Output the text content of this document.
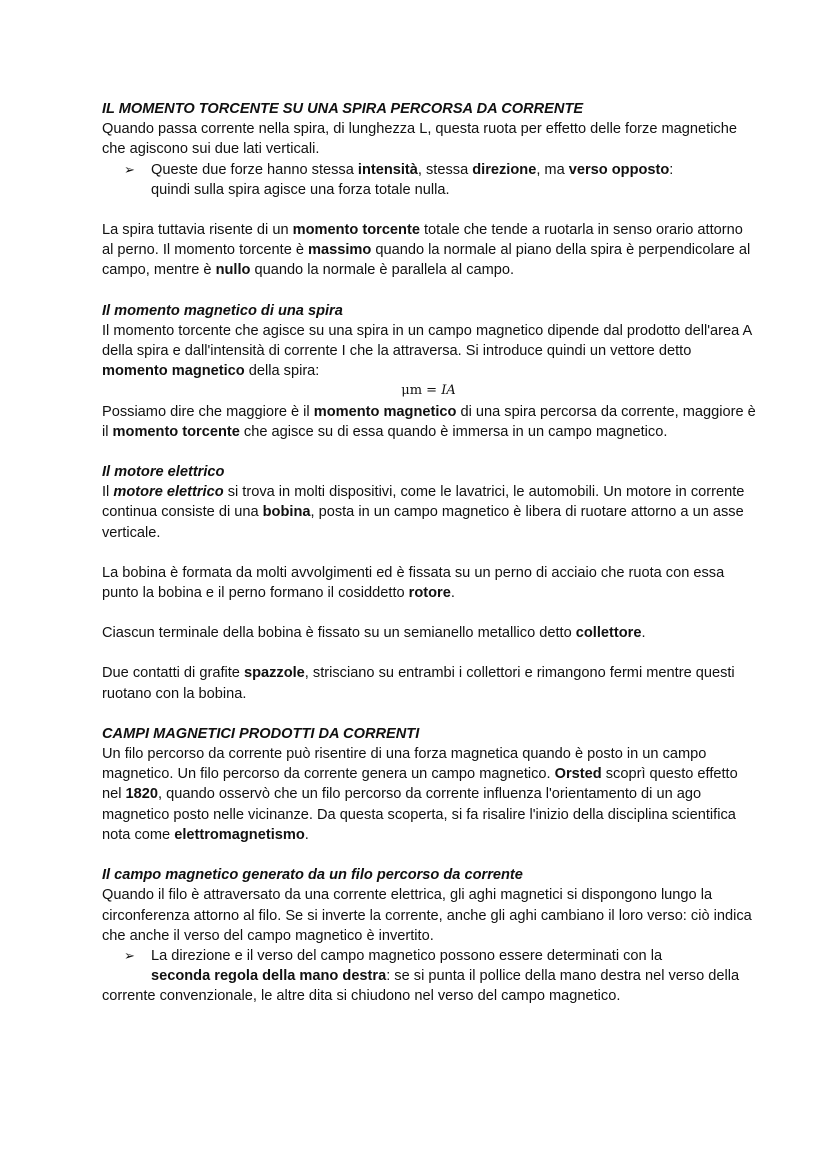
IL MOMENTO TORCENTE SU UNA SPIRA PERCORSA DA CORRENTE

Quando passa corrente nella spira, di lunghezza L, questa ruota per effetto delle forze magnetiche che agiscono sui due lati verticali.

➢ Queste due forze hanno stessa intensità, stessa direzione, ma verso opposto:
quindi sulla spira agisce una forza totale nulla.

La spira tuttavia risente di un momento torcente totale che tende a ruotarla in senso orario attorno al perno. Il momento torcente è massimo quando la normale al piano della spira è perpendicolare al campo, mentre è nullo quando la normale è parallela al campo.

Il momento magnetico di una spira

Il momento torcente che agisce su una spira in un campo magnetico dipende dal prodotto dell'area A della spira e dall'intensità di corrente I che la attraversa. Si introduce quindi un vettore detto momento magnetico della spira:

μm = IA

Possiamo dire che maggiore è il momento magnetico di una spira percorsa da corrente, maggiore è il momento torcente che agisce su di essa quando è immersa in un campo magnetico.

Il motore elettrico

Il motore elettrico si trova in molti dispositivi, come le lavatrici, le automobili. Un motore in corrente continua consiste di una bobina, posta in un campo magnetico è libera di ruotare attorno a un asse verticale.

La bobina è formata da molti avvolgimenti ed è fissata su un perno di acciaio che ruota con essa punto la bobina e il perno formano il cosiddetto rotore.

Ciascun terminale della bobina è fissato su un semianello metallico detto collettore.

Due contatti di grafite spazzole, strisciano su entrambi i collettori e rimangono fermi mentre questi ruotano con la bobina.

CAMPI MAGNETICI PRODOTTI DA CORRENTI

Un filo percorso da corrente può risentire di una forza magnetica quando è posto in un campo magnetico. Un filo percorso da corrente genera un campo magnetico. Orsted scoprì questo effetto nel 1820, quando osservò che un filo percorso da corrente influenza l'orientamento di un ago magnetico posto nelle vicinanze. Da questa scoperta, si fa risalire l'inizio della disciplina scientifica nota come elettromagnetismo.

Il campo magnetico generato da un filo percorso da corrente

Quando il filo è attraversato da una corrente elettrica, gli aghi magnetici si dispongono lungo la circonferenza attorno al filo. Se si inverte la corrente, anche gli aghi cambiano il loro verso: ciò indica che anche il verso del campo magnetico è invertito.

➢ La direzione e il verso del campo magnetico possono essere determinati con la
seconda regola della mano destra: se si punta il pollice della mano destra nel verso della corrente convenzionale, le altre dita si chiudono nel verso del campo magnetico.
